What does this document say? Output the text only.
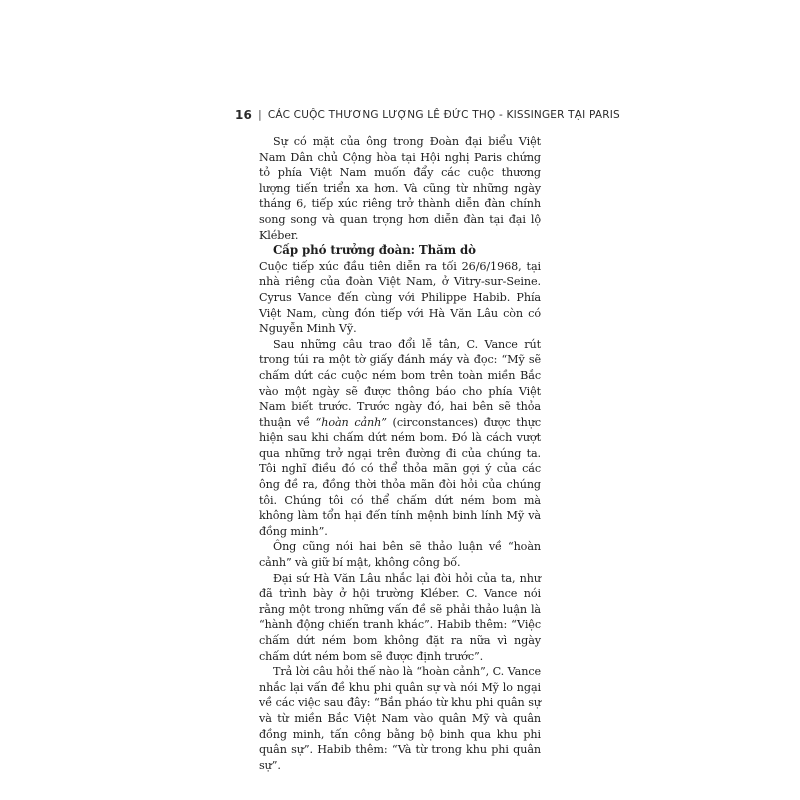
16 | CÁC CUỘC THƯƠNG LƯỢNG LÊ ĐỨC THỌ - KISSINGER TẠI PARIS

Sự có mặt của ông trong Đoàn đại biểu Việt Nam Dân chủ Cộng hòa tại Hội nghị Paris chứng tỏ phía Việt Nam muốn đẩy các cuộc thương lượng tiến triển xa hơn. Và cũng từ những ngày tháng 6, tiếp xúc riêng trở thành diễn đàn chính song song và quan trọng hơn diễn đàn tại đại lộ Kléber.

Cấp phó trưởng đoàn: Thăm dò

Cuộc tiếp xúc đầu tiên diễn ra tối 26/6/1968, tại nhà riêng của đoàn Việt Nam, ở Vitry-sur-Seine. Cyrus Vance đến cùng với Philippe Habib. Phía Việt Nam, cùng đón tiếp với Hà Văn Lâu còn có Nguyễn Minh Vỹ.

Sau những câu trao đổi lễ tân, C. Vance rút trong túi ra một tờ giấy đánh máy và đọc: “Mỹ sẽ chấm dứt các cuộc ném bom trên toàn miền Bắc vào một ngày sẽ được thông báo cho phía Việt Nam biết trước. Trước ngày đó, hai bên sẽ thỏa thuận về “hoàn cảnh” (circonstances) được thực hiện sau khi chấm dứt ném bom. Đó là cách vượt qua những trở ngại trên đường đi của chúng ta. Tôi nghĩ điều đó có thể thỏa mãn gợi ý của các ông đề ra, đồng thời thỏa mãn đòi hỏi của chúng tôi. Chúng tôi có thể chấm dứt ném bom mà không làm tổn hại đến tính mệnh binh lính Mỹ và đồng minh”.

Ông cũng nói hai bên sẽ thảo luận về “hoàn cảnh” và giữ bí mật, không công bố.

Đại sứ Hà Văn Lâu nhắc lại đòi hỏi của ta, như đã trình bày ở hội trường Kléber. C. Vance nói rằng một trong những vấn đề sẽ phải thảo luận là “hành động chiến tranh khác”. Habib thêm: “Việc chấm dứt ném bom không đặt ra nữa vì ngày chấm dứt ném bom sẽ được định trước”.

Trả lời câu hỏi thế nào là “hoàn cảnh”, C. Vance nhắc lại vấn đề khu phi quân sự và nói Mỹ lo ngại về các việc sau đây: “Bắn pháo từ khu phi quân sự và từ miền Bắc Việt Nam vào quân Mỹ và quân đồng minh, tấn công bằng bộ binh qua khu phi quân sự”. Habib thêm: “Và từ trong khu phi quân sự”.
